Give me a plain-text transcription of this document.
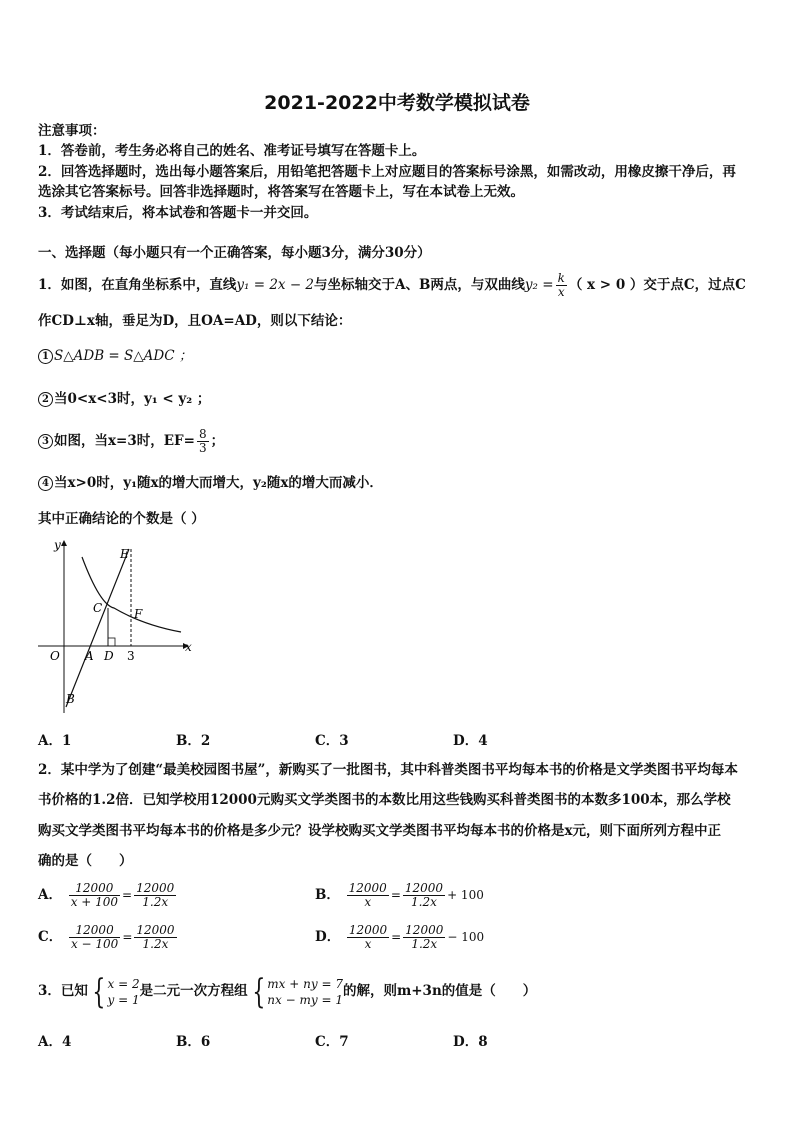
2021-2022中考数学模拟试卷
注意事项：
1．答卷前，考生务必将自己的姓名、准考证号填写在答题卡上。
2．回答选择题时，选出每小题答案后，用铅笔把答题卡上对应题目的答案标号涂黑，如需改动，用橡皮擦干净后，再
选涂其它答案标号。回答非选择题时，将答案写在答题卡上，写在本试卷上无效。
3．考试结束后，将本试卷和答题卡一并交回。
一、选择题（每小题只有一个正确答案，每小题3分，满分30分）
1．如图，在直角坐标系中，直线y₁ = 2x − 2与坐标轴交于A、B两点，与双曲线$y_2 = \frac{k}{x}$ （ x > 0 ）交于点C，过点C
作CD⊥x轴，垂足为D，且OA=AD，则以下结论：
1 S△ADB = S△ADC ；
2 当0<x<3时，y₁ < y₂ ；
3 如图，当x=3时，$EF= \frac{8}{3}$ ；
4 当x>0时，y₁随x的增大而增大，y₂随x的增大而减小．
其中正确结论的个数是（ ）
y
x
O A D 3
B
C
E
F
A．1	B．2	C．3	D．4
2．某中学为了创建“最美校园图书屋”，新购买了一批图书，其中科普类图书平均每本书的价格是文学类图书平均每本
书价格的1.2倍．已知学校用12000元购买文学类图书的本数比用这些钱购买科普类图书的本数多100本，那么学校
购买文学类图书平均每本书的价格是多少元？设学校购买文学类图书平均每本书的价格是x元，则下面所列方程中正
确的是（　　）
A． $\frac{12000}{x + 100} = \frac{12000}{1.2x}$	B． $\frac{12000}{x} = \frac{12000}{1.2x} + 100$
C． $\frac{12000}{x - 100} = \frac{12000}{1.2x}$	D． $\frac{12000}{x} = \frac{12000}{1.2x} - 100$
3．已知 { x = 2
y = 1
是二元一次方程组 { mx + ny = 7
nx − my = 1
的解，则m+3n的值是（　　）
A．4	B．6	C．7	D．8
